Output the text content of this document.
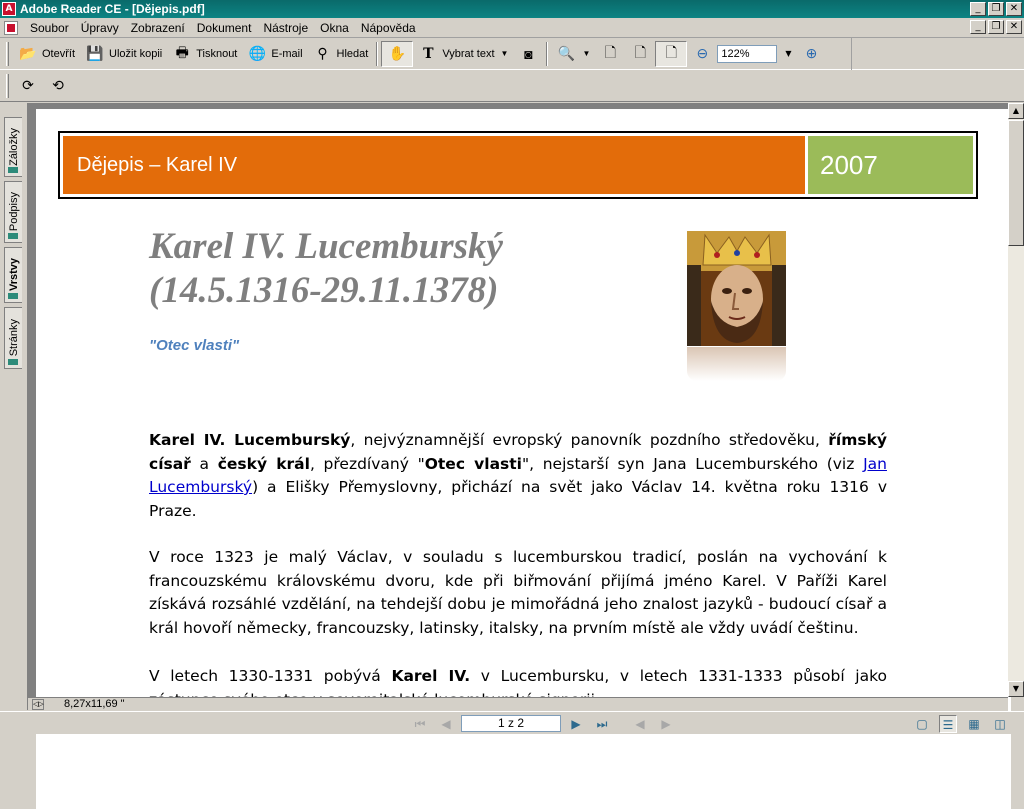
A Adobe Reader CE - [Dějepis.pdf]	_	❐ ✕
Soubor	Úpravy	Zobrazení	Dokument	Nástroje	Okna	Nápověda	_	❐ ✕
📂 Otevřít 💾 Uložit kopii 🖶 Tisknout 🌐 E-mail	⚲ Hledat ✋	T Vybrat text ▼	◙	🔍 ▼	🗋	🗋	🗋	⊖
122%	▼ ⊕
⟳ ⟲
Záložky
Podpisy
Vrstvy
Stránky
Dějepis – Karel IV	2007
Karel IV. Lucemburský
(14.5.1316-29.11.1378)
"Otec vlasti"
Karel IV. Lucemburský, nejvýznamnější evropský panovník pozdního středověku, římský císař a český král, přezdívaný "Otec vlasti", nejstarší syn Jana Lucemburského (viz Jan Lucemburský) a Elišky Přemyslovny, přichází na svět jako Václav 14. května roku 1316 v Praze.
V roce 1323 je malý Václav, v souladu s lucemburskou tradicí, poslán na vychování k francouzskému královskému dvoru, kde při biřmování přijímá jméno Karel. V Paříži Karel získává rozsáhlé vzdělání, na tehdejší dobu je mimořádná jeho znalost jazyků - budoucí císař a král hovoří německy, francouzsky, latinsky, italsky, na prvním místě ale vždy uvádí češtinu.
V letech 1330-1331 pobývá Karel IV. v Lucembursku, v letech 1331-1333 působí jako
▲
▼
◁▷ 8,27x11,69 "
⏮	◀	1 z 2	▶	⏭	◀	▶	▢	☰	▦ ◫
